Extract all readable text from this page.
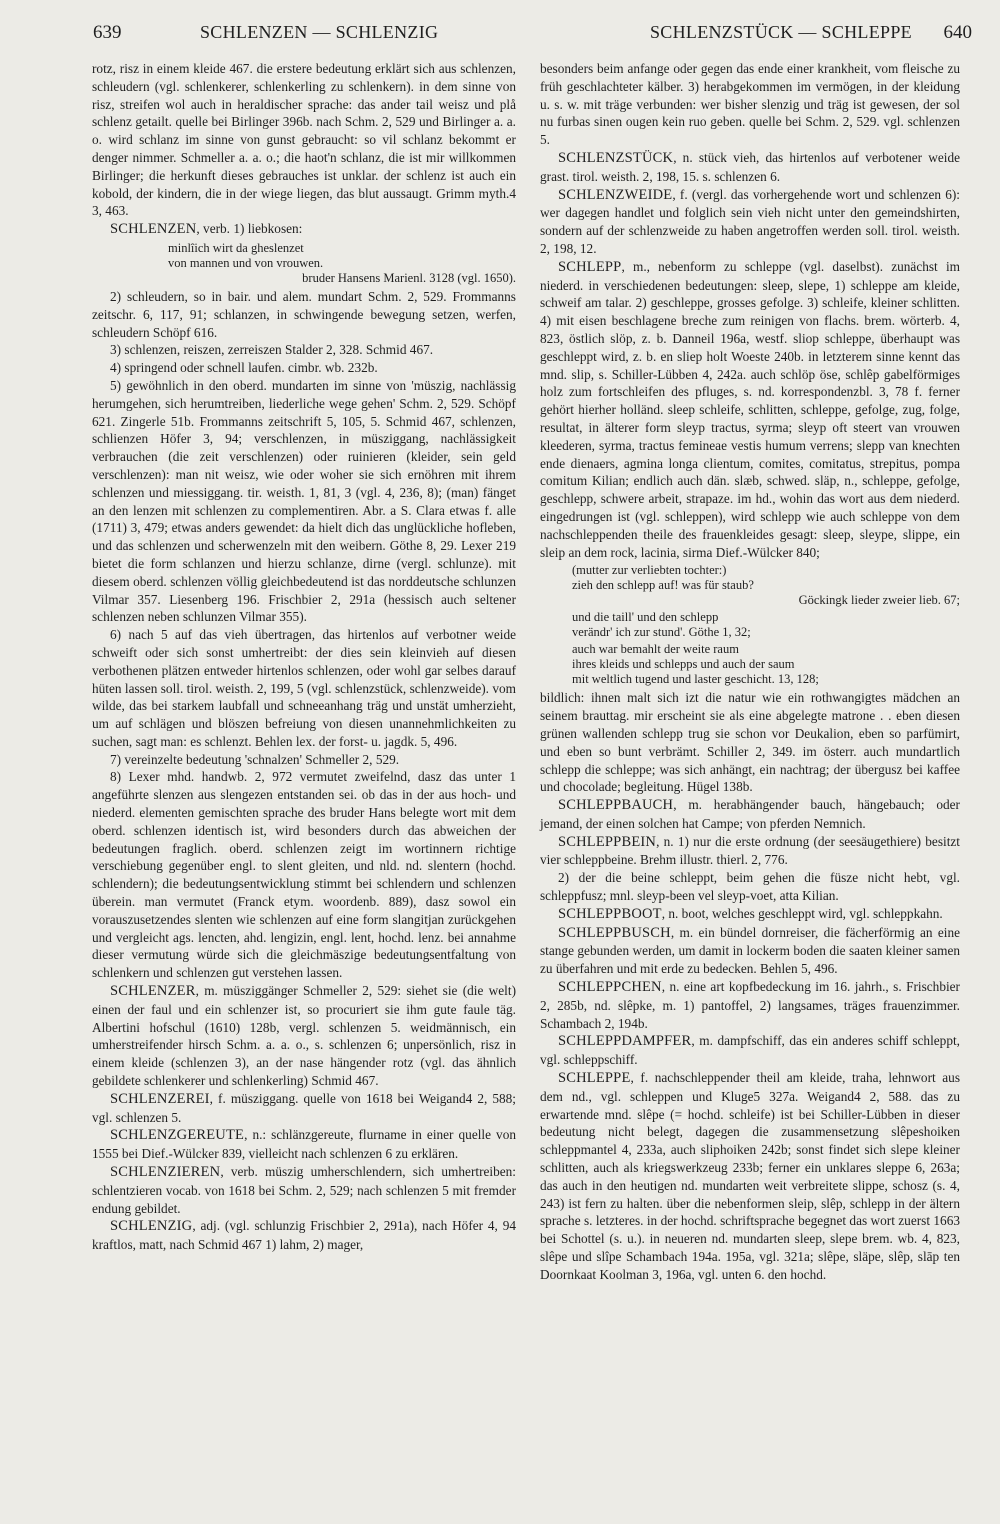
639	SCHLENZEN — SCHLENZIG	SCHLENZSTÜCK — SCHLEPPE 640

rotz, risz in einem kleide 467. die erstere bedeutung erklärt sich aus schlenzen, schleudern (vgl. schlenkerer, schlenkerling zu schlenkern). in dem sinne von risz, streifen wol auch in heraldischer sprache: das ander tail weisz und plå schlenz getailt. quelle bei Birlinger 396b. nach Schm. 2, 529 und Birlinger a. a. o. wird schlanz im sinne von gunst gebraucht: so vil schlanz bekommt er denger nimmer. Schmeller a. a. o.; die haot'n schlanz, die ist mir willkommen Birlinger; die herkunft dieses gebrauches ist unklar. der schlenz ist auch ein kobold, der kindern, die in der wiege liegen, das blut aussaugt. Grimm myth.4 3, 463.

SCHLENZEN, verb. 1) liebkosen:

minlîich wirt da gheslenzet
von mannen und von vrouwen.
bruder Hansens Marienl. 3128 (vgl. 1650).

2) schleudern, so in bair. und alem. mundart Schm. 2, 529. Frommanns zeitschr. 6, 117, 91; schlanzen, in schwingende bewegung setzen, werfen, schleudern Schöpf 616.

3) schlenzen, reiszen, zerreiszen Stalder 2, 328. Schmid 467.

4) springend oder schnell laufen. cimbr. wb. 232b.

5) gewöhnlich in den oberd. mundarten im sinne von 'müszig, nachlässig herumgehen, sich herumtreiben, liederliche wege gehen' Schm. 2, 529. Schöpf 621. Zingerle 51b. Frommanns zeitschrift 5, 105, 5. Schmid 467, schlenzen, schlienzen Höfer 3, 94; verschlenzen, in müsziggang, nachlässigkeit verbrauchen (die zeit verschlenzen) oder ruinieren (kleider, sein geld verschlenzen): man nit weisz, wie oder woher sie sich ernöhren mit ihrem schlenzen und miessiggang. tir. weisth. 1, 81, 3 (vgl. 4, 236, 8); (man) fänget an den lenzen mit schlenzen zu complementiren. Abr. a S. Clara etwas f. alle (1711) 3, 479; etwas anders gewendet: da hielt dich das unglückliche hofleben, und das schlenzen und scherwenzeln mit den weibern. Göthe 8, 29. Lexer 219 bietet die form schlanzen und hierzu schlanze, dirne (vergl. schlunze). mit diesem oberd. schlenzen völlig gleichbedeutend ist das norddeutsche schlunzen Vilmar 357. Liesenberg 196. Frischbier 2, 291a (hessisch auch seltener schlenzen neben schlunzen Vilmar 355).

6) nach 5 auf das vieh übertragen, das hirtenlos auf verbotner weide schweift oder sich sonst umhertreibt: der dies sein kleinvieh auf diesen verbothenen plätzen entweder hirtenlos schlenzen, oder wohl gar selbes darauf hüten lassen soll. tirol. weisth. 2, 199, 5 (vgl. schlenzstück, schlenzweide). vom wilde, das bei starkem laubfall und schneeanhang träg und unstät umherzieht, um auf schlägen und blöszen befreiung von diesen unannehmlichkeiten zu suchen, sagt man: es schlenzt. Behlen lex. der forst- u. jagdk. 5, 496.

7) vereinzelte bedeutung 'schnalzen' Schmeller 2, 529.

8) Lexer mhd. handwb. 2, 972 vermutet zweifelnd, dasz das unter 1 angeführte slenzen aus slengezen entstanden sei. ob das in der aus hoch- und niederd. elementen gemischten sprache des bruder Hans belegte wort mit dem oberd. schlenzen identisch ist, wird besonders durch das abweichen der bedeutungen fraglich. oberd. schlenzen zeigt im wortinnern richtige verschiebung gegenüber engl. to slent gleiten, und nld. nd. slentern (hochd. schlendern); die bedeutungsentwicklung stimmt bei schlendern und schlenzen überein. man vermutet (Franck etym. woordenb. 889), dasz sowol ein vorauszusetzendes slenten wie schlenzen auf eine form slangitjan zurückgehen und vergleicht ags. lencten, ahd. lengizin, engl. lent, hochd. lenz. bei annahme dieser vermutung würde sich die gleichmäszige bedeutungsentfaltung von schlenkern und schlenzen gut verstehen lassen.

SCHLENZER, m. müsziggänger Schmeller 2, 529: siehet sie (die welt) einen der faul und ein schlenzer ist, so procuriert sie ihm gute faule täg. Albertini hofschul (1610) 128b, vergl. schlenzen 5. weidmännisch, ein umherstreifender hirsch Schm. a. a. o., s. schlenzen 6; unpersönlich, risz in einem kleide (schlenzen 3), an der nase hängender rotz (vgl. das ähnlich gebildete schlenkerer und schlenkerling) Schmid 467.

SCHLENZEREI, f. müsziggang. quelle von 1618 bei Weigand4 2, 588; vgl. schlenzen 5.

SCHLENZGEREUTE, n.: schlänzgereute, flurname in einer quelle von 1555 bei Dief.-Wülcker 839, vielleicht nach schlenzen 6 zu erklären.

SCHLENZIEREN, verb. müszig umherschlendern, sich umhertreiben: schlentzieren vocab. von 1618 bei Schm. 2, 529; nach schlenzen 5 mit fremder endung gebildet.

SCHLENZIG, adj. (vgl. schlunzig Frischbier 2, 291a), nach Höfer 4, 94 kraftlos, matt, nach Schmid 467 1) lahm, 2) mager,

besonders beim anfange oder gegen das ende einer krankheit, vom fleische zu früh geschlachteter kälber. 3) herabgekommen im vermögen, in der kleidung u. s. w. mit träge verbunden: wer bisher slenzig und träg ist gewesen, der sol nu furbas sinen ougen kein ruo geben. quelle bei Schm. 2, 529. vgl. schlenzen 5.

SCHLENZSTÜCK, n. stück vieh, das hirtenlos auf verbotener weide grast. tirol. weisth. 2, 198, 15. s. schlenzen 6.

SCHLENZWEIDE, f. (vergl. das vorhergehende wort und schlenzen 6): wer dagegen handlet und folglich sein vieh nicht unter den gemeindshirten, sondern auf der schlenzweide zu haben angetroffen werden soll. tirol. weisth. 2, 198, 12.

SCHLEPP, m., nebenform zu schleppe (vgl. daselbst). zunächst im niederd. in verschiedenen bedeutungen: sleep, slepe, 1) schleppe am kleide, schweif am talar. 2) geschleppe, grosses gefolge. 3) schleife, kleiner schlitten. 4) mit eisen beschlagene breche zum reinigen von flachs. brem. wörterb. 4, 823, östlich slöp, z. b. Danneil 196a, westf. sliop schleppe, überhaupt was geschleppt wird, z. b. en sliep holt Woeste 240b. in letzterem sinne kennt das mnd. slip, s. Schiller-Lübben 4, 242a. auch schlöp öse, schlêp gabelförmiges holz zum fortschleifen des pfluges, s. nd. korrespondenzbl. 3, 78 f. ferner gehört hierher holländ. sleep schleife, schlitten, schleppe, gefolge, zug, folge, resultat, in älterer form sleyp tractus, syrma; sleyp oft steert van vrouwen kleederen, syrma, tractus femineae vestis humum verrens; slepp van knechten ende dienaers, agmina longa clientum, comites, comitatus, strepitus, pompa comitum Kilian; endlich auch dän. slæb, schwed. släp, n., schleppe, gefolge, geschlepp, schwere arbeit, strapaze. im hd., wohin das wort aus dem niederd. eingedrungen ist (vgl. schleppen), wird schlepp wie auch schleppe von dem nachschleppenden theile des frauenkleides gesagt: sleep, sleype, slippe, ein sleip an dem rock, lacinia, sirma Dief.-Wülcker 840;

(mutter zur verliebten tochter:)
zieh den schlepp auf! was für staub?
Göckingk lieder zweier lieb. 67;
und die taill' und den schlepp
verändr' ich zur stund'. Göthe 1, 32;
auch war bemahlt der weite raum
ihres kleids und schlepps und auch der saum
mit weltlich tugend und laster geschicht. 13, 128;

bildlich: ihnen malt sich izt die natur wie ein rothwangigtes mädchen an seinem brauttag. mir erscheint sie als eine abgelegte matrone . . eben diesen grünen wallenden schlepp trug sie schon vor Deukalion, eben so parfümirt, und eben so bunt verbrämt. Schiller 2, 349. im österr. auch mundartlich schlepp die schleppe; was sich anhängt, ein nachtrag; der übergusz bei kaffee und chocolade; begleitung. Hügel 138b.

SCHLEPPBAUCH, m. herabhängender bauch, hängebauch; oder jemand, der einen solchen hat Campe; von pferden Nemnich.

SCHLEPPBEIN, n. 1) nur die erste ordnung (der seesäugethiere) besitzt vier schleppbeine. Brehm illustr. thierl. 2, 776.

2) der die beine schleppt, beim gehen die füsze nicht hebt, vgl. schleppfusz; mnl. sleyp-been vel sleyp-voet, atta Kilian.

SCHLEPPBOOT, n. boot, welches geschleppt wird, vgl. schleppkahn.

SCHLEPPBUSCH, m. ein bündel dornreiser, die fächerförmig an eine stange gebunden werden, um damit in lockerm boden die saaten kleiner samen zu überfahren und mit erde zu bedecken. Behlen 5, 496.

SCHLEPPCHEN, n. eine art kopfbedeckung im 16. jahrh., s. Frischbier 2, 285b, nd. slêpke, m. 1) pantoffel, 2) langsames, träges frauenzimmer. Schambach 2, 194b.

SCHLEPPDAMPFER, m. dampfschiff, das ein anderes schiff schleppt, vgl. schleppschiff.

SCHLEPPE, f. nachschleppender theil am kleide, traha, lehnwort aus dem nd., vgl. schleppen und Kluge5 327a. Weigand4 2, 588. das zu erwartende mnd. slêpe (= hochd. schleife) ist bei Schiller-Lübben in dieser bedeutung nicht belegt, dagegen die zusammensetzung slêpeshoiken schleppmantel 4, 233a, auch sliphoiken 242b; sonst findet sich slepe kleiner schlitten, auch als kriegswerkzeug 233b; ferner ein unklares sleppe 6, 263a; das auch in den heutigen nd. mundarten weit verbreitete slippe, schosz (s. 4, 243) ist fern zu halten. über die nebenformen sleip, slêp, schlepp in der ältern sprache s. letzteres. in der hochd. schriftsprache begegnet das wort zuerst 1663 bei Schottel (s. u.). in neueren nd. mundarten sleep, slepe brem. wb. 4, 823, slêpe und slîpe Schambach 194a. 195a, vgl. 321a; slêpe, släpe, slêp, slāp ten Doornkaat Koolman 3, 196a, vgl. unten 6. den hochd.
